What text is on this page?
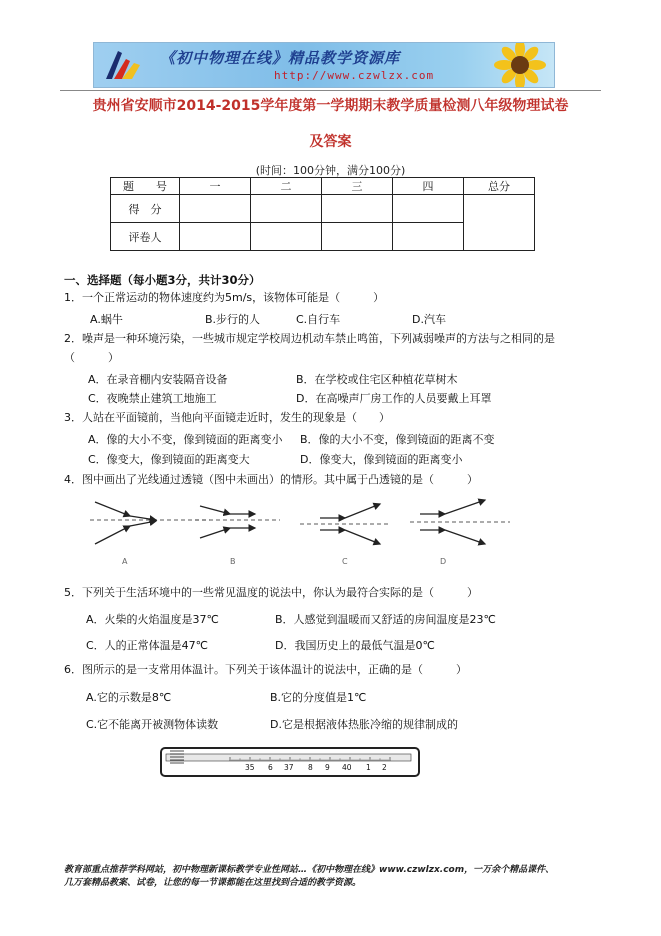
《初中物理在线》精品教学资源库
http://www.czwlzx.com
贵州省安顺市2014-2015学年度第一学期期末教学质量检测八年级物理试卷
及答案
(时间：100分钟，满分100分)
题　　号	一	二	三	四	总分
得　分					
评卷人					
一、选择题（每小题3分，共计30分）
1．一个正常运动的物体速度约为5m/s，该物体可能是（　　　）
A.蜗牛	B.步行的人	C.自行车	D.汽车
2．噪声是一种环境污染，一些城市规定学校周边机动车禁止鸣笛，下列减弱噪声的方法与之相同的是
（　　　）
A．在录音棚内安装隔音设备	B．在学校或住宅区种植花草树木
C．夜晚禁止建筑工地施工	D．在高噪声厂房工作的人员要戴上耳罩
3．人站在平面镜前，当他向平面镜走近时，发生的现象是（　　）
A．像的大小不变，像到镜面的距离变小 B．像的大小不变，像到镜面的距离不变
C．像变大，像到镜面的距离变大	D．像变大，像到镜面的距离变小
4．图中画出了光线通过透镜（图中未画出）的情形。其中属于凸透镜的是（　　　）
A	B	C	D
5．下列关于生活环境中的一些常见温度的说法中，你认为最符合实际的是（　　　）
A．火柴的火焰温度是37℃	B．人感觉到温暖而又舒适的房间温度是23℃
C．人的正常体温是47℃	D．我国历史上的最低气温是0℃
6．图所示的是一支常用体温计。下列关于该体温计的说法中，正确的是（　　　）
A.它的示数是8℃	B.它的分度值是1℃
C.它不能离开被测物体读数	D.它是根据液体热胀冷缩的规律制成的
35 6 37 8 9 40 1 2
教育部重点推荐学科网站，初中物理新课标教学专业性网站…《初中物理在线》www.czwlzx.com，一万余个精品课件、
几万套精品教案、试卷，让您的每一节课都能在这里找到合适的教学资源。
